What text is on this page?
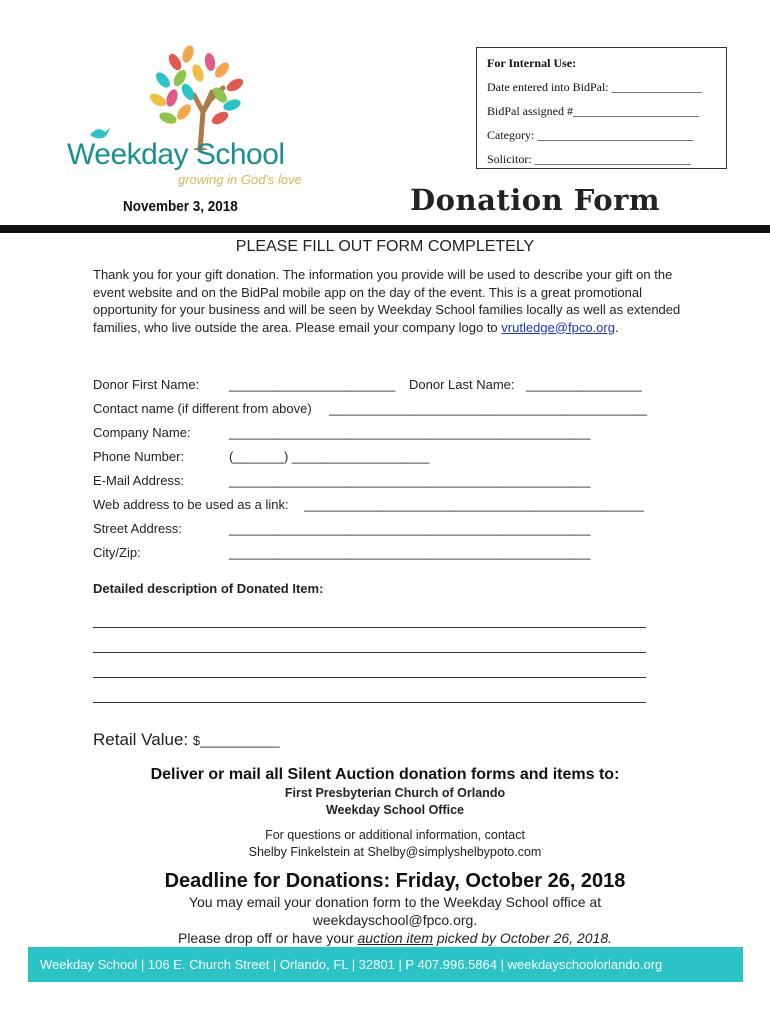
Weekday School
growing in God's love
For Internal Use:
Date entered into BidPal: _______________
BidPal assigned #_____________________
Category: __________________________
Solicitor: __________________________
November 3, 2018	Donation Form
PLEASE FILL OUT FORM COMPLETELY
Thank you for your gift donation. The information you provide will be used to describe your gift on the event website and on the BidPal mobile app on the day of the event. This is a great promotional opportunity for your business and will be seen by Weekday School families locally as well as extended families, who live outside the area. Please email your company logo to vrutledge@fpco.org.
Donor First Name: _______________________ Donor Last Name: ________________
Contact name (if different from above) ____________________________________________
Company Name:	__________________________________________________
Phone Number:	(_______) ___________________
E-Mail Address:	__________________________________________________
Web address to be used as a link: _______________________________________________
Street Address:	__________________________________________________
City/Zip:	__________________________________________________
Detailed description of Donated Item:
Retail Value: $___________
Deliver or mail all Silent Auction donation forms and items to:
First Presbyterian Church of Orlando
Weekday School Office
For questions or additional information, contact
Shelby Finkelstein at Shelby@simplyshelbypoto.com
Deadline for Donations: Friday, October 26, 2018
You may email your donation form to the Weekday School office at
weekdayschool@fpco.org.
Please drop off or have your auction item picked by October 26, 2018.
Weekday School | 106 E. Church Street | Orlando, FL | 32801 | P 407.996.5864 | weekdayschoolorlando.org
